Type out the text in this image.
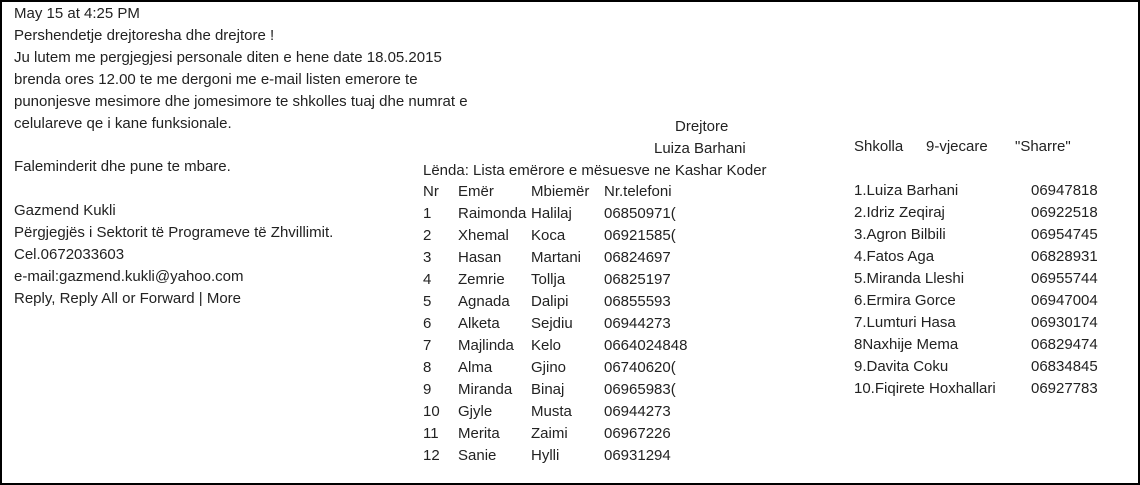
May 15 at 4:25 PM
Pershendetje drejtoresha dhe drejtore !
Ju lutem me pergjegjesi personale diten e hene date 18.05.2015
brenda ores 12.00 te me dergoni me e-mail listen emerore te
punonjesve mesimore dhe jomesimore te shkolles tuaj dhe numrat e
celulareve qe i kane funksionale.
Faleminderit dhe pune te mbare.
Gazmend Kukli
Përgjegjës i Sektorit të Programeve të Zhvillimit.
Cel.0672033603
e-mail:gazmend.kukli@yahoo.com
Reply, Reply All or Forward | More
Drejtore
Luiza Barhani
Lënda: Lista emërore e mësuesve ne Kashar Koder
Nr Emër Mbiemër Nr.telefoni
1 Raimonda Halilaj 06850971(
2 Xhemal Koca	06921585(
3 Hasan Martani 06824697
4 Zemrie Tollja	06825197
5 Agnada Dalipi 06855593
6 Alketa Sejdiu 06944273
7 Majlinda Kelo	0664024848
8 Alma	Gjino	06740620(
9 Miranda Binaj	06965983(
10 Gjyle	Musta 06944273
11 Merita Zaimi 06967226
12 Sanie Hylli	06931294
Shkolla 9-vjecare "Sharre"
1.Luiza Barhani	06947818
2.Idriz Zeqiraj	06922518
3.Agron Bilbili	06954745
4.Fatos Aga	06828931
5.Miranda Lleshi	06955744
6.Ermira Gorce	06947004
7.Lumturi Hasa	06930174
8Naxhije Mema	06829474
9.Davita Coku	06834845
10.Fiqirete Hoxhallari 06927783
